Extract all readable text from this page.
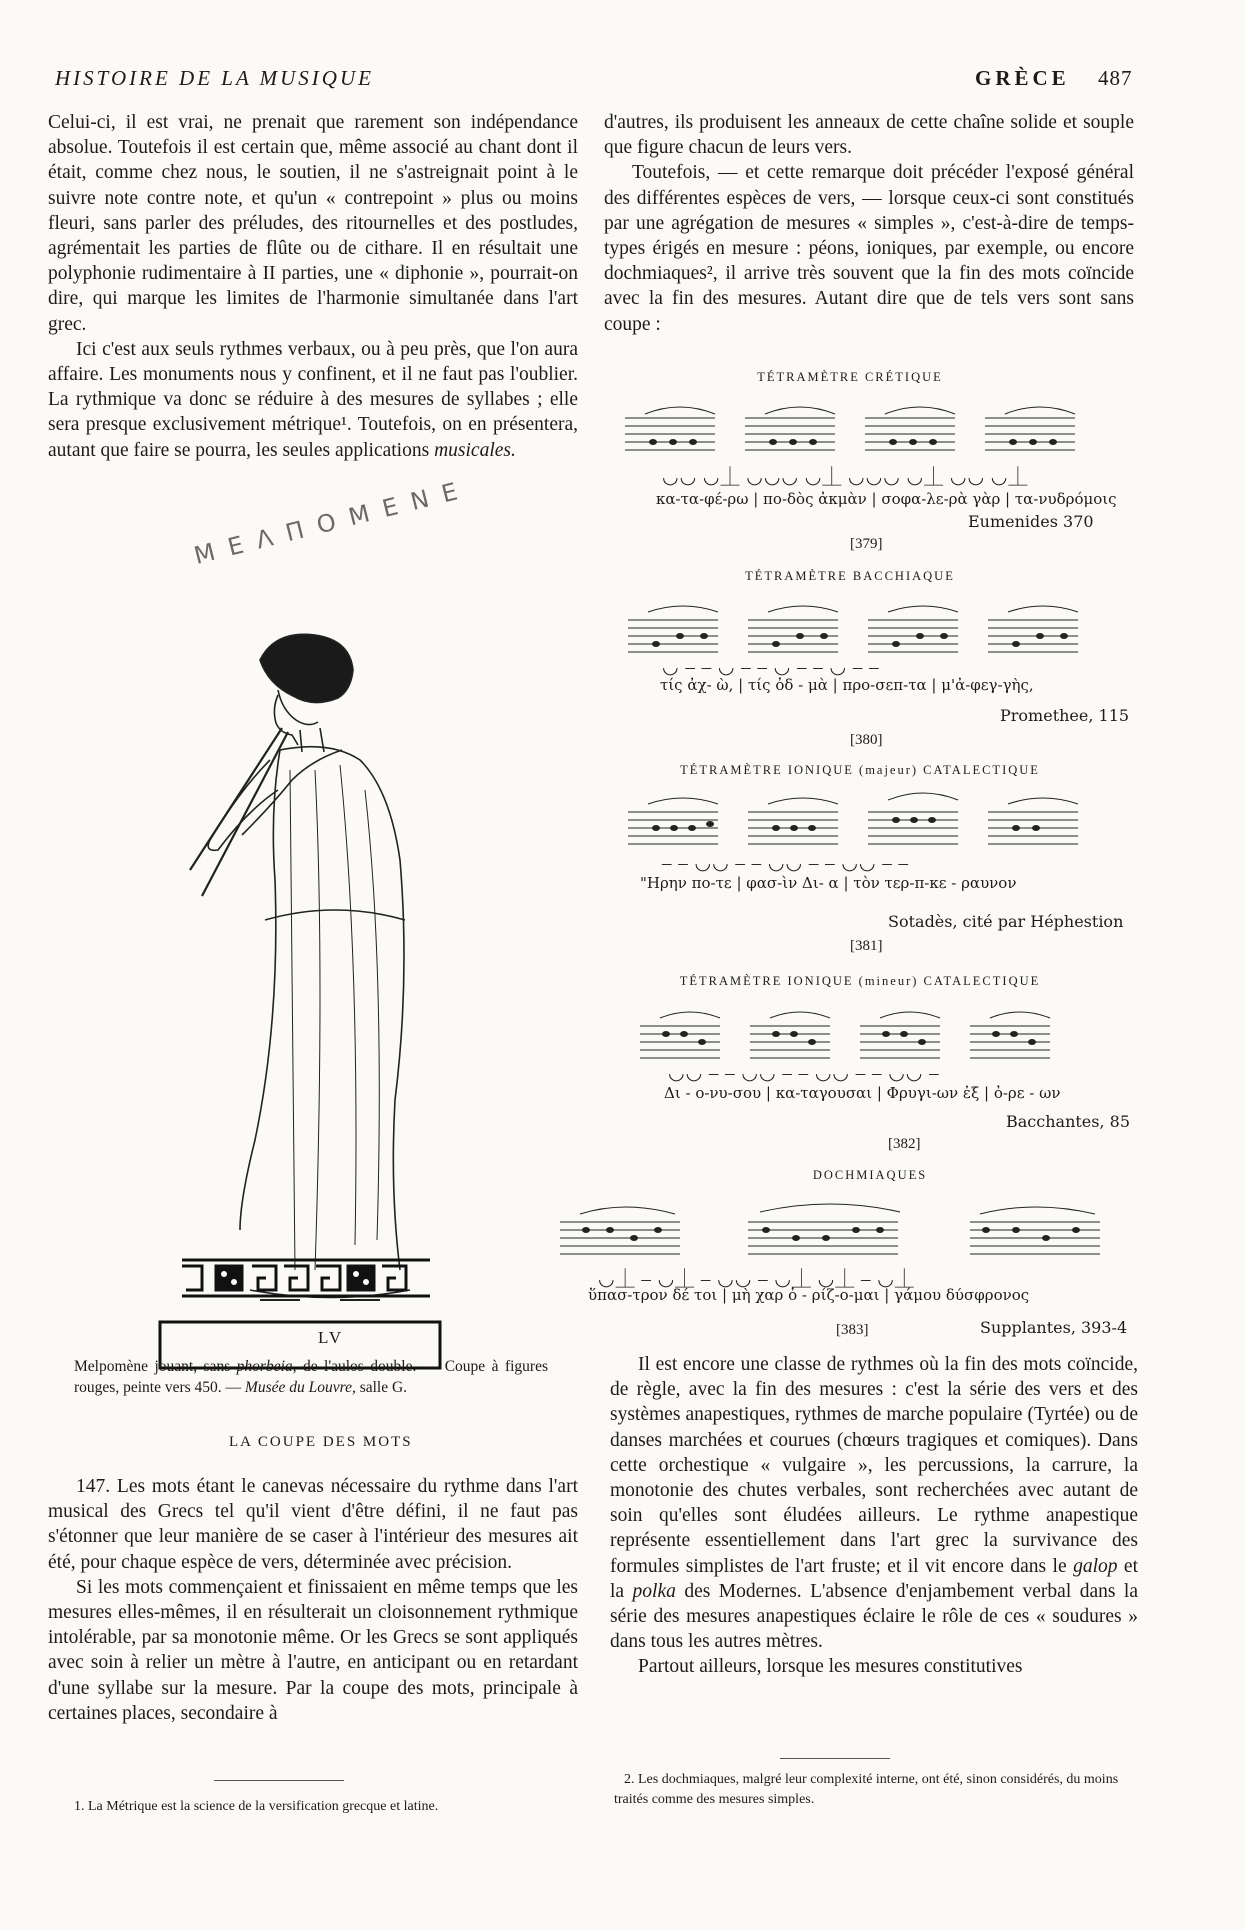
HISTOIRE DE LA MUSIQUE	GRÈCE 487

Celui-ci, il est vrai, ne prenait que rarement son indépendance absolue. Toutefois il est certain que, même associé au chant dont il était, comme chez nous, le soutien, il ne s'astreignait point à le suivre note contre note, et qu'un « contrepoint » plus ou moins fleuri, sans parler des préludes, des ritournelles et des postludes, agrémentait les parties de flûte ou de cithare. Il en résultait une polyphonie rudimentaire à II parties, une « diphonie », pourrait-on dire, qui marque les limites de l'harmonie simultanée dans l'art grec.

Ici c'est aux seuls rythmes verbaux, ou à peu près, que l'on aura affaire. Les monuments nous y confinent, et il ne faut pas l'oublier. La rythmique va donc se réduire à des mesures de syllabes ; elle sera presque exclusivement métrique¹. Toutefois, on en présentera, autant que faire se pourra, les seules applications musicales.

MEΛΠOMENE
LV
Melpomène jouant, sans phorbeia, de l'aulos double. — Coupe à figures rouges, peinte vers 450. — Musée du Louvre, salle G.
LA COUPE DES MOTS

147. Les mots étant le canevas nécessaire du rythme dans l'art musical des Grecs tel qu'il vient d'être défini, il ne faut pas s'étonner que leur manière de se caser à l'intérieur des mesures ait été, pour chaque espèce de vers, déterminée avec précision.

Si les mots commençaient et finissaient en même temps que les mesures elles-mêmes, il en résulterait un cloisonnement rythmique intolérable, par sa monotonie même. Or les Grecs se sont appliqués avec soin à relier un mètre à l'autre, en anticipant ou en retardant d'une syllabe sur la mesure. Par la coupe des mots, principale à certaines places, secondaire à

1. La Métrique est la science de la versification grecque et latine.

d'autres, ils produisent les anneaux de cette chaîne solide et souple que figure chacun de leurs vers.

Toutefois, — et cette remarque doit précéder l'exposé général des différentes espèces de vers, — lorsque ceux-ci sont constitués par une agrégation de mesures « simples », c'est-à-dire de temps-types érigés en mesure : péons, ioniques, par exemple, ou encore dochmiaques², il arrive très souvent que la fin des mots coïncide avec la fin des mesures. Autant dire que de tels vers sont sans coupe :

TÉTRAMÈTRE CRÉTIQUE
◡◡ ◡⏊ ◡◡◡ ◡⏊ ◡◡◡ ◡⏊ ◡◡ ◡⏊
κα-τα-φέ-ρω | πο-δὸς ἀκμὰν | σοφα-λε-ρὰ γὰρ | τα-νυδρόμοις
Eumenides 370
[379]
TÉTRAMÈTRE BACCHIAQUE
◡ – – ◡ – – ◡ – – ◡ – –
τίς ἀχ- ὼ, | τίς ὀδ - μὰ | προ-σεπ-τα | μ'ἀ-φεγ-γὴς,
Promethee, 115
[380]
TÉTRAMÈTRE IONIQUE (majeur) CATALECTIQUE
– – ◡◡ – – ◡◡ – – ◡◡ – –
"Ηρην πο-τε | φασ-ὶν Δι- α | τὸν τερ-π-κε - ραυνον
Sotadès, cité par Héphestion
[381]
TÉTRAMÈTRE IONIQUE (mineur) CATALECTIQUE
◡◡ – – ◡◡ – – ◡◡ – – ◡◡ –
Δι - ο-νυ-σου | κα-ταγουσαι | Φρυγι-ων ἐξ | ὀ-ρε - ων
Bacchantes, 85
[382]
DOCHMIAQUES
◡⏊ – ◡⏊ – ◡◡ – ◡⏊ ◡⏊ – ◡⏊
ὕπασ-τρον δέ τοι | μὴ χαρ ὀ - ρίζ-ο-μαι | γάμου δύσφρονος
Supplantes, 393-4
[383]

Il est encore une classe de rythmes où la fin des mots coïncide, de règle, avec la fin des mesures : c'est la série des vers et des systèmes anapestiques, rythmes de marche populaire (Tyrtée) ou de danses marchées et courues (chœurs tragiques et comiques). Dans cette orchestique « vulgaire », les percussions, la carrure, la monotonie des chutes verbales, sont recherchées avec autant de soin qu'elles sont éludées ailleurs. Le rythme anapestique représente essentiellement dans l'art grec la survivance des formules simplistes de l'art fruste; et il vit encore dans le galop et la polka des Modernes. L'absence d'enjambement verbal dans la série des mesures anapestiques éclaire le rôle de ces « soudures » dans tous les autres mètres.

Partout ailleurs, lorsque les mesures constitutives

2. Les dochmiaques, malgré leur complexité interne, ont été, sinon considérés, du moins traités comme des mesures simples.
